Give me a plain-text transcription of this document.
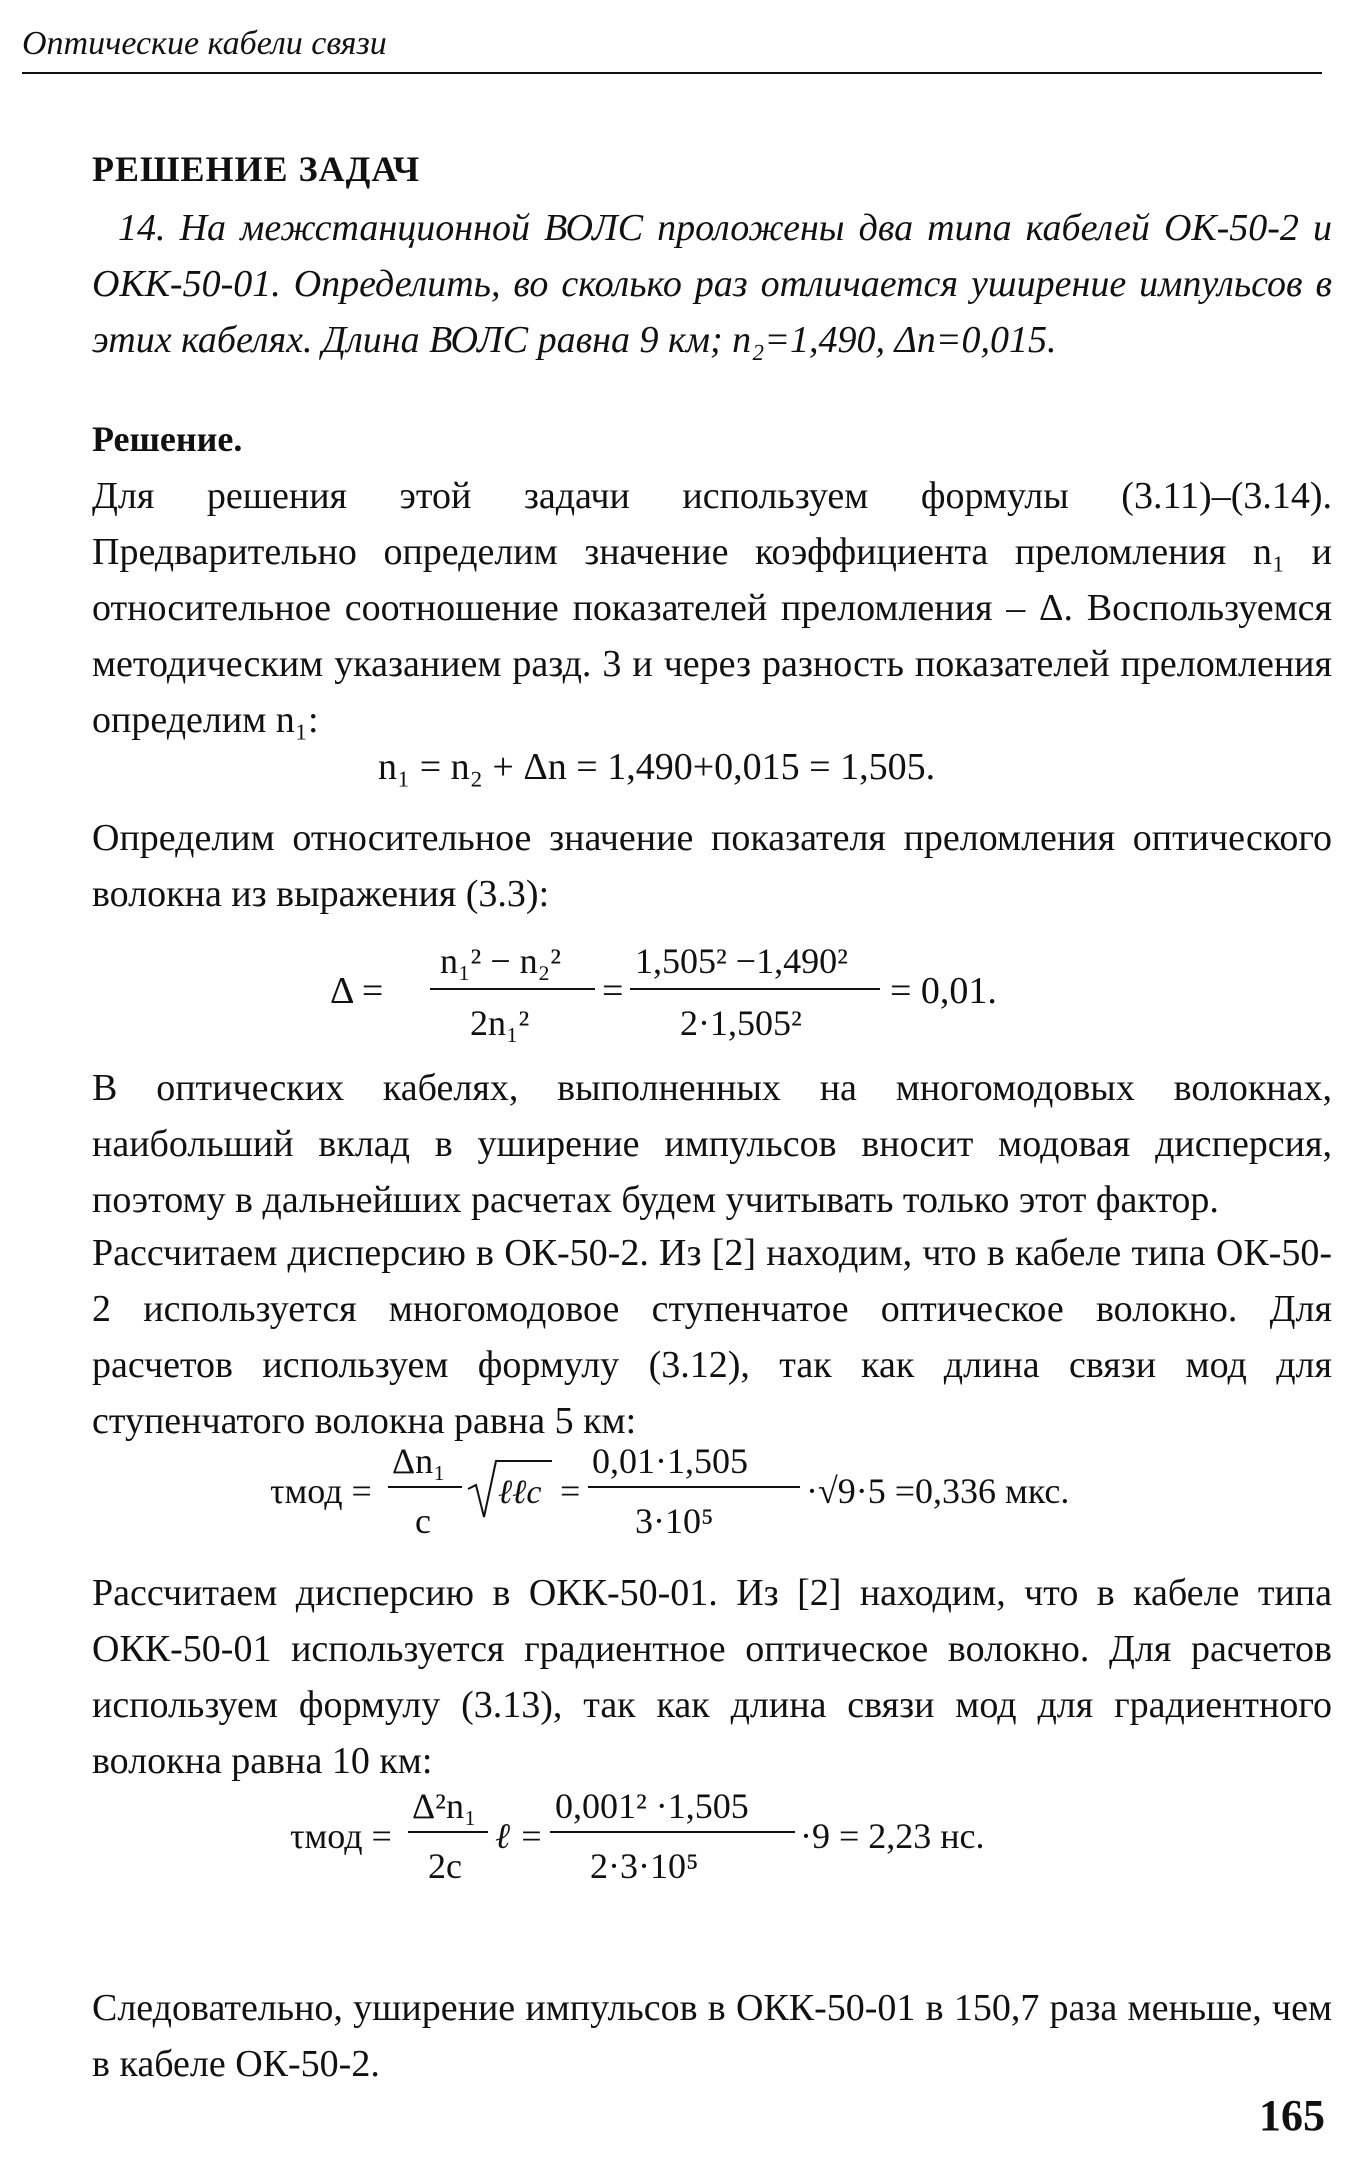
Оптические кабели связи
РЕШЕНИЕ ЗАДАЧ
14. На межстанционной ВОЛС проложены два типа кабелей ОК-50-2 и ОКК-50-01. Определить, во сколько раз отличается уширение импульсов в этих кабелях. Длина ВОЛС равна 9 км; n₂=1,490, Δn=0,015.
Решение.
Для решения этой задачи используем формулы (3.11)–(3.14). Предварительно определим значение коэффициента преломления n₁ и относительное соотношение показателей преломления – Δ. Воспользуемся методическим указанием разд. 3 и через разность показателей преломления определим n₁:
n₁ = n₂ + Δn = 1,490+0,015 = 1,505.
Определим относительное значение показателя преломления оптического волокна из выражения (3.3):
Δ =
n₁² − n₂²
2n₁²
=
1,505² −1,490²
2·1,505²
= 0,01.
В оптических кабелях, выполненных на многомодовых волокнах, наибольший вклад в уширение импульсов вносит модовая дисперсия, поэтому в дальнейших расчетах будем учитывать только этот фактор.
Рассчитаем дисперсию в ОК-50-2. Из [2] находим, что в кабеле типа ОК-50-2 используется многомодовое ступенчатое оптическое волокно. Для расчетов используем формулу (3.12), так как длина связи мод для ступенчатого волокна равна 5 км:
τмод =
Δn₁
c
ℓℓc =
0,01·1,505
3·10⁵
·√9·5 =0,336 мкс.
Рассчитаем дисперсию в ОКК-50-01. Из [2] находим, что в кабеле типа ОКК-50-01 используется градиентное оптическое волокно. Для расчетов используем формулу (3.13), так как длина связи мод для градиентного волокна равна 10 км:
τмод =
Δ²n₁
2c
ℓ =
0,001² ·1,505
2·3·10⁵
·9 = 2,23 нс.
Следовательно, уширение импульсов в ОКК-50-01 в 150,7 раза меньше, чем в кабеле ОК-50-2.
165
